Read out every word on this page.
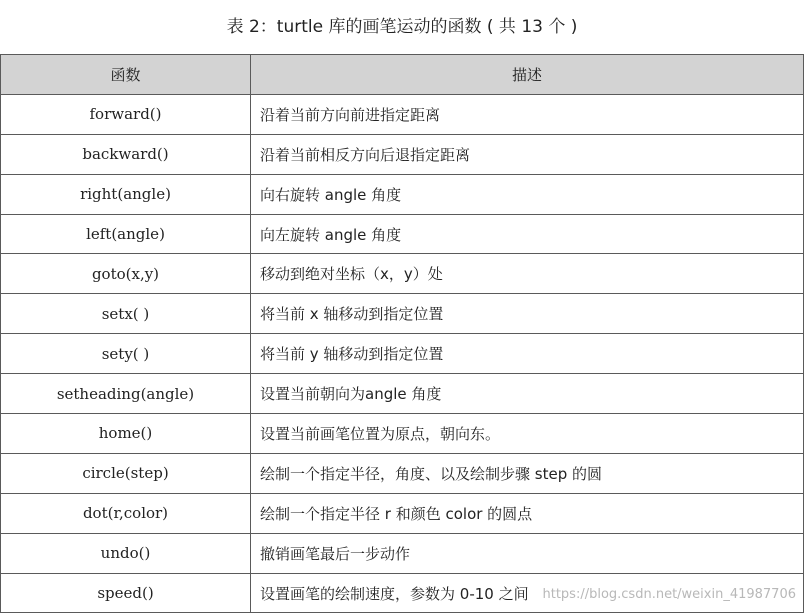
表 2：turtle 库的画笔运动的函数 ( 共 13 个 )
函数	描述
forward()	沿着当前方向前进指定距离
backward()	沿着当前相反方向后退指定距离
right(angle)	向右旋转 angle 角度
left(angle)	向左旋转 angle 角度
goto(x,y)	移动到绝对坐标（x，y）处
setx( )	将当前 x 轴移动到指定位置
sety( )	将当前 y 轴移动到指定位置
setheading(angle)	设置当前朝向为angle 角度
home()	设置当前画笔位置为原点，朝向东。
circle(step)	绘制一个指定半径，角度、以及绘制步骤 step 的圆
dot(r,color)	绘制一个指定半径 r 和颜色 color 的圆点
undo()	撤销画笔最后一步动作
speed()	设置画笔的绘制速度，参数为 0-10 之间 https://blog.csdn.net/weixin_41987706
